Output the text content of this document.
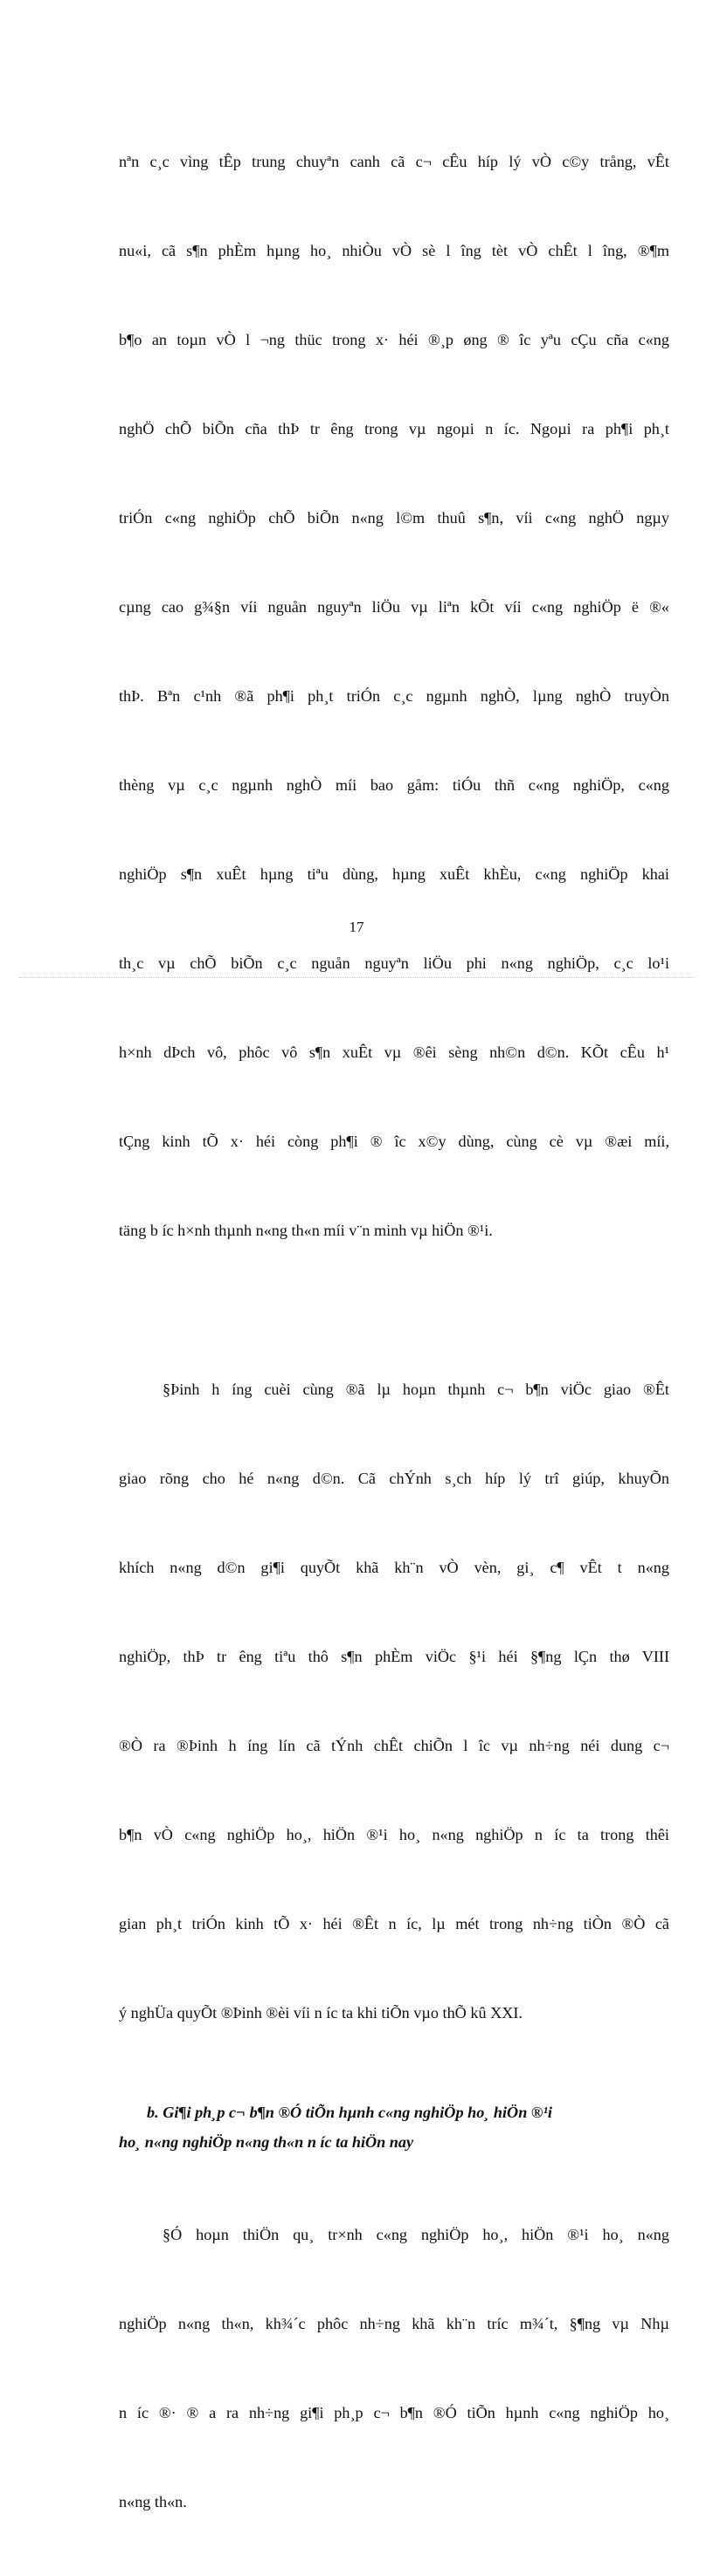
nªn c¸c vìng tÊp trung chuyªn canh cã c¬ cÊu híp lý vÒ c©y trång, vÊt

nu«i, cã s¶n phÈm hµng ho¸ nhiÒu vÒ sè l îng tèt vÒ chÊt l îng, ®¶m

b¶o an toµn vÒ l ¬ng thüc trong x· héi ®¸p øng ® îc yªu cÇu cña c«ng

nghÖ chÕ biÕn cña thÞ tr êng trong vµ ngoµi n íc. Ngoµi ra ph¶i ph¸t

triÓn c«ng nghiÖp chÕ biÕn n«ng l©m thuû s¶n, víi c«ng nghÖ ngµy

cµng cao g¾§n víi nguån nguyªn liÖu vµ liªn kÕt víi c«ng nghiÖp ë ®«

thÞ. Bªn c¹nh ®ã ph¶i ph¸t triÓn c¸c ngµnh nghÒ, lµng nghÒ truyÒn

thèng vµ c¸c ngµnh nghÒ míi bao gåm: tiÓu thñ c«ng nghiÖp, c«ng

nghiÖp s¶n xuÊt hµng tiªu dùng, hµng xuÊt khÈu, c«ng nghiÖp khai

th¸c vµ chÕ biÕn c¸c nguån nguyªn liÖu phi n«ng nghiÖp, c¸c lo¹i

h×nh dÞch vô, phôc vô s¶n xuÊt vµ ®êi sèng nh©n d©n. KÕt cÊu h¹

tÇng kinh tÕ x· héi còng ph¶i ® îc x©y dùng, cùng cè vµ ®æi míi,

täng b íc h×nh thµnh n«ng th«n míi v¨n minh vµ hiÖn ®¹i.

§Þinh h íng cuèi cùng ®ã lµ hoµn thµnh c¬ b¶n viÖc giao ®Êt

giao rõng cho hé n«ng d©n. Cã chÝnh s¸ch híp lý trî giúp, khuyÕn

khích n«ng d©n gi¶i quyÕt khã kh¨n vÒ vèn, gi¸ c¶ vÊt t n«ng

nghiÖp, thÞ tr êng tiªu thô s¶n phÈm viÖc §¹i héi §¶ng lÇn thø VIII

®Ò ra ®Þinh h íng lín cã tÝnh chÊt chiÕn l îc vµ nh÷ng néi dung c¬

b¶n vÒ c«ng nghiÖp ho¸, hiÖn ®¹i ho¸ n«ng nghiÖp n íc ta trong thêi

gian ph¸t triÓn kinh tÕ x· héi ®Êt n íc, lµ mét trong nh÷ng tiÒn ®Ò cã

ý nghÜa quyÕt ®Þinh ®èi víi n íc ta khi tiÕn vµo thÕ kû XXI.

b. Gi¶i ph¸p c¬ b¶n ®Ó tiÕn hµnh c«ng nghiÖp ho¸ hiÖn ®¹i
ho¸ n«ng nghiÖp n«ng th«n n íc ta hiÖn nay

§Ó hoµn thiÖn qu¸ tr×nh c«ng nghiÖp ho¸, hiÖn ®¹i ho¸ n«ng

nghiÖp n«ng th«n, kh¾´c phôc nh÷ng khã kh¨n tríc m¾´t, §¶ng vµ Nhµ

n íc ®· ® a ra nh÷ng gi¶i ph¸p c¬ b¶n ®Ó tiÕn hµnh c«ng nghiÖp ho¸

n«ng th«n.

17
